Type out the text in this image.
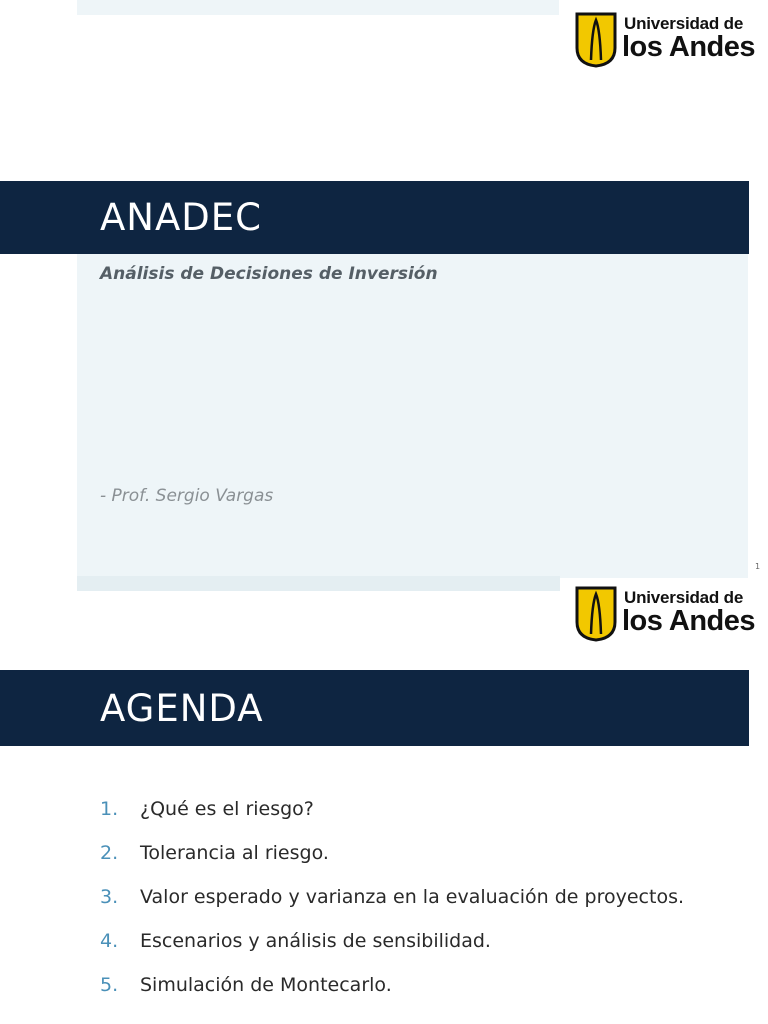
Universidad de
los Andes
ANADEC
Análisis de Decisiones de Inversión
- Prof. Sergio Vargas
1
Universidad de
los Andes
AGENDA
1.	¿Qué es el riesgo?
2.	Tolerancia al riesgo.
3.	Valor esperado y varianza en la evaluación de proyectos.
4.	Escenarios y análisis de sensibilidad.
5.	Simulación de Montecarlo.
